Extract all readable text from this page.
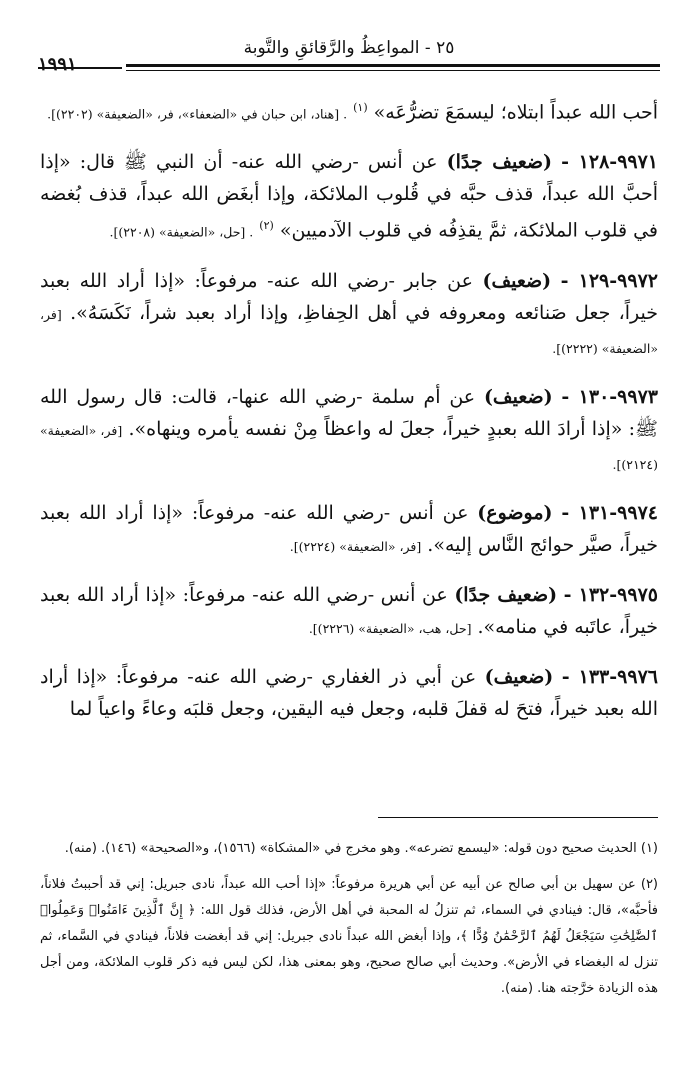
٢٥ - المواعِظُ والرَّقائقِ والتَّوبة
١٩٩١

أحب الله عبداً ابتلاه؛ ليسمَعَ تضرُّعَه» $^{(١)}$ . [هناد، ابن حبان في «الضعفاء»، فر، «الضعيفة» (٢٢٠٢)].

٩٩٧١-١٢٨ - (ضعيف جدًا) عن أنس -رضي الله عنه- أن النبي ﷺ قال: «إذا أحبَّ الله عبداً، قذف حبَّه في قُلوب الملائكة، وإذا أبغَض الله عبداً، قذف بُغضه في قلوب الملائكة، ثمَّ يقذِفُه في قلوب الآدميين» $^{(٢)}$ . [حل، «الضعيفة» (٢٢٠٨)].

٩٩٧٢-١٢٩ - (ضعيف) عن جابر -رضي الله عنه- مرفوعاً: «إذا أراد الله بعبد خيراً، جعل صَنائعه ومعروفه في أهل الحِفاظِ، وإذا أراد بعبد شراً، نَكَسَهُ». [فر، «الضعيفة» (٢٢٢٢)].

٩٩٧٣-١٣٠ - (ضعيف) عن أم سلمة -رضي الله عنها-، قالت: قال رسول الله ﷺ: «إذا أرادَ الله بعبدٍ خيراً، جعلَ له واعظاً مِنْ نفسه يأمره وينهاه». [فر، «الضعيفة» (٢١٢٤)].

٩٩٧٤-١٣١ - (موضوع) عن أنس -رضي الله عنه- مرفوعاً: «إذا أراد الله بعبد خيراً، صيَّر حوائج النَّاس إليه». [فر، «الضعيفة» (٢٢٢٤)].

٩٩٧٥-١٣٢ - (ضعيف جدًا) عن أنس -رضي الله عنه- مرفوعاً: «إذا أراد الله بعبد خيراً، عاتَبه في منامه». [حل، هب، «الضعيفة» (٢٢٢٦)].

٩٩٧٦-١٣٣ - (ضعيف) عن أبي ذر الغفاري -رضي الله عنه- مرفوعاً: «إذا أراد الله بعبد خيراً، فتحَ له قفلَ قلبه، وجعل فيه اليقين، وجعل قلبَه وعاءً واعياً لما

(١) الحديث صحيح دون قوله: «ليسمع تضرعه». وهو مخرج في «المشكاة» (١٥٦٦)، و«الصحيحة» (١٤٦). (منه).

(٢) عن سهيل بن أبي صالح عن أبيه عن أبي هريرة مرفوعاً: «إذا أحب الله عبداً، نادى جبريل: إني قد أحببتُ فلاناً، فأحبَّه»، قال: فينادي في السماء، ثم تنزلُ له المحبة في أهل الأرض، فذلك قول الله: ﴿ إِنَّ ٱلَّذِينَ ءَامَنُوا۟ وَعَمِلُوا۟ ٱلصَّٰلِحَٰتِ سَيَجْعَلُ لَهُمُ ٱلرَّحْمَٰنُ وُدًّا ﴾، وإذا أبغض الله عبداً نادى جبريل: إني قد أبغضت فلاناً، فينادي في السَّماء، ثم تنزل له البغضاء في الأرض». وحديث أبي صالح صحيح، وهو بمعنى هذا، لكن ليس فيه ذكر قلوب الملائكة، ومن أجل هذه الزيادة خرَّجته هنا. (منه).
